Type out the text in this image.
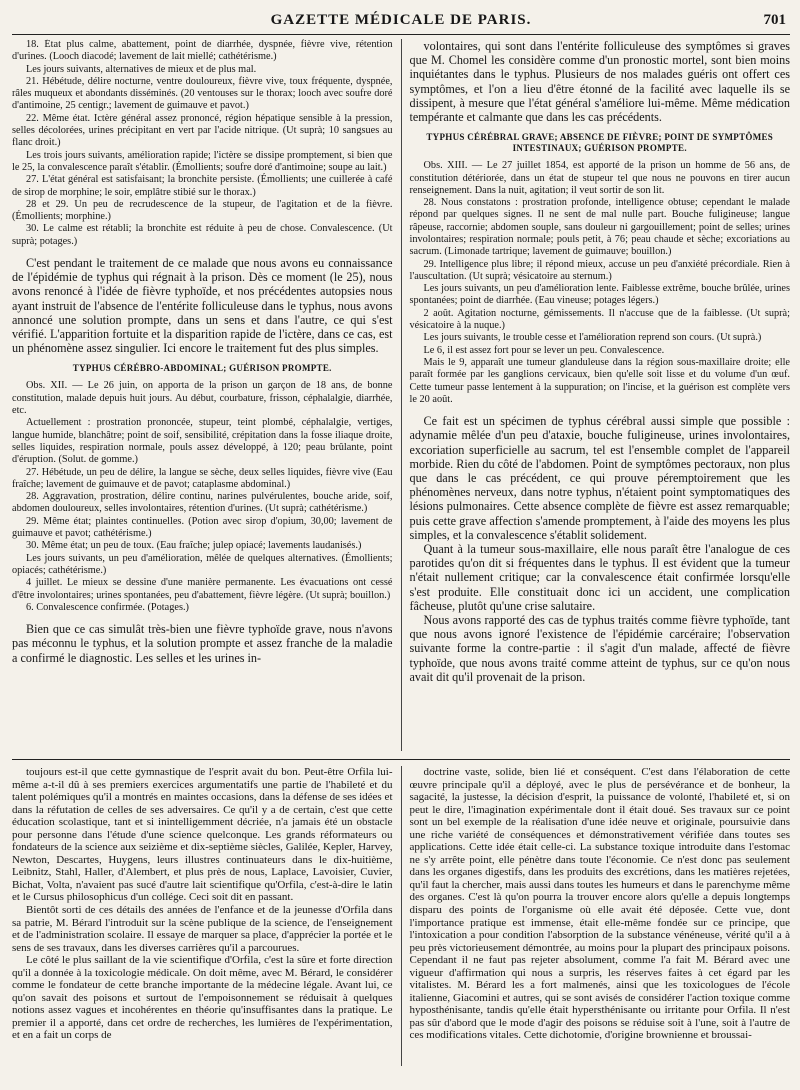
GAZETTE MÉDICALE DE PARIS.	701

18. État plus calme, abattement, point de diarrhée, dyspnée, fièvre vive, rétention d'urines. (Looch diacodé; lavement de lait miellé; cathétérisme.)

Les jours suivants, alternatives de mieux et de plus mal.

21. Hébétude, délire nocturne, ventre douloureux, fièvre vive, toux fréquente, dyspnée, râles muqueux et abondants disséminés. (20 ventouses sur le thorax; looch avec soufre doré d'antimoine, 25 centigr.; lavement de guimauve et pavot.)

22. Même état. Ictère général assez prononcé, région hépatique sensible à la pression, selles décolorées, urines précipitant en vert par l'acide nitrique. (Ut suprà; 10 sangsues au flanc droit.)

Les trois jours suivants, amélioration rapide; l'ictère se dissipe promptement, si bien que le 25, la convalescence paraît s'établir. (Émollients; soufre doré d'antimoine; soupe au lait.)

27. L'état général est satisfaisant; la bronchite persiste. (Émollients; une cuillerée à café de sirop de morphine; le soir, emplâtre stibié sur le thorax.)

28 et 29. Un peu de recrudescence de la stupeur, de l'agitation et de la fièvre. (Émollients; morphine.)

30. Le calme est rétabli; la bronchite est réduite à peu de chose. Convalescence. (Ut suprà; potages.)

C'est pendant le traitement de ce malade que nous avons eu connaissance de l'épidémie de typhus qui régnait à la prison. Dès ce moment (le 25), nous avons renoncé à l'idée de fièvre typhoïde, et nos précédentes autopsies nous ayant instruit de l'absence de l'entérite folliculeuse dans le typhus, nous avons annoncé une solution prompte, dans un sens et dans l'autre, ce qui s'est vérifié. L'apparition fortuite et la disparition rapide de l'ictère, dans ce cas, est un phénomène assez singulier. Ici encore le traitement fut des plus simples.

TYPHUS CÉRÉBRO-ABDOMINAL; GUÉRISON PROMPTE.

Obs. XII. — Le 26 juin, on apporta de la prison un garçon de 18 ans, de bonne constitution, malade depuis huit jours. Au début, courbature, frisson, céphalalgie, diarrhée, etc.

Actuellement : prostration prononcée, stupeur, teint plombé, céphalalgie, vertiges, langue humide, blanchâtre; point de soif, sensibilité, crépitation dans la fosse iliaque droite, selles liquides, respiration normale, pouls assez développé, à 120; peau brûlante, point d'éruption. (Solut. de gomme.)

27. Hébétude, un peu de délire, la langue se sèche, deux selles liquides, fièvre vive (Eau fraîche; lavement de guimauve et de pavot; cataplasme abdominal.)

28. Aggravation, prostration, délire continu, narines pulvérulentes, bouche aride, soif, abdomen douloureux, selles involontaires, rétention d'urines. (Ut suprà; cathétérisme.)

29. Même état; plaintes continuelles. (Potion avec sirop d'opium, 30,00; lavement de guimauve et pavot; cathétérisme.)

30. Même état; un peu de toux. (Eau fraîche; julep opiacé; lavements laudanisés.)

Les jours suivants, un peu d'amélioration, mêlée de quelques alternatives. (Émollients; opiacés; cathétérisme.)

4 juillet. Le mieux se dessine d'une manière permanente. Les évacuations ont cessé d'être involontaires; urines spontanées, peu d'abattement, fièvre légère. (Ut suprà; bouillon.)

6. Convalescence confirmée. (Potages.)

Bien que ce cas simulât très-bien une fièvre typhoïde grave, nous n'avons pas méconnu le typhus, et la solution prompte et assez franche de la maladie a confirmé le diagnostic. Les selles et les urines in-

volontaires, qui sont dans l'entérite folliculeuse des symptômes si graves que M. Chomel les considère comme d'un pronostic mortel, sont bien moins inquiétantes dans le typhus. Plusieurs de nos malades guéris ont offert ces symptômes, et l'on a lieu d'être étonné de la facilité avec laquelle ils se dissipent, à mesure que l'état général s'améliore lui-même. Même médication tempérante et calmante que dans les cas précédents.

TYPHUS CÉRÉBRAL GRAVE; ABSENCE DE FIÈVRE; POINT DE SYMPTÔMES INTESTINAUX; GUÉRISON PROMPTE.

Obs. XIII. — Le 27 juillet 1854, est apporté de la prison un homme de 56 ans, de constitution détériorée, dans un état de stupeur tel que nous ne pouvons en tirer aucun renseignement. Dans la nuit, agitation; il veut sortir de son lit.

28. Nous constatons : prostration profonde, intelligence obtuse; cependant le malade répond par quelques signes. Il ne sent de mal nulle part. Bouche fuligineuse; langue râpeuse, raccornie; abdomen souple, sans douleur ni gargouillement; point de selles; urines involontaires; respiration normale; pouls petit, à 76; peau chaude et sèche; excoriations au sacrum. (Limonade tartrique; lavement de guimauve; bouillon.)

29. Intelligence plus libre; il répond mieux, accuse un peu d'anxiété précordiale. Rien à l'auscultation. (Ut suprà; vésicatoire au sternum.)

Les jours suivants, un peu d'amélioration lente. Faiblesse extrême, bouche brûlée, urines spontanées; point de diarrhée. (Eau vineuse; potages légers.)

2 août. Agitation nocturne, gémissements. Il n'accuse que de la faiblesse. (Ut suprà; vésicatoire à la nuque.)

Les jours suivants, le trouble cesse et l'amélioration reprend son cours. (Ut suprà.)

Le 6, il est assez fort pour se lever un peu. Convalescence.

Mais le 9, apparaît une tumeur glanduleuse dans la région sous-maxillaire droite; elle paraît formée par les ganglions cervicaux, bien qu'elle soit lisse et du volume d'un œuf. Cette tumeur passe lentement à la suppuration; on l'incise, et la guérison est complète vers le 20 août.

Ce fait est un spécimen de typhus cérébral aussi simple que possible : adynamie mêlée d'un peu d'ataxie, bouche fuligineuse, urines involontaires, excoriation superficielle au sacrum, tel est l'ensemble complet de l'appareil morbide. Rien du côté de l'abdomen. Point de symptômes pectoraux, non plus que dans le cas précédent, ce qui prouve péremptoirement que les phénomènes nerveux, dans notre typhus, n'étaient point symptomatiques des lésions pulmonaires. Cette absence complète de fièvre est assez remarquable; puis cette grave affection s'amende promptement, à l'aide des moyens les plus simples, et la convalescence s'établit solidement.

Quant à la tumeur sous-maxillaire, elle nous paraît être l'analogue de ces parotides qu'on dit si fréquentes dans le typhus. Il est évident que la tumeur n'était nullement critique; car la convalescence était confirmée lorsqu'elle s'est produite. Elle constituait donc ici un accident, une complication fâcheuse, plutôt qu'une crise salutaire.

Nous avons rapporté des cas de typhus traités comme fièvre typhoïde, tant que nous avons ignoré l'existence de l'épidémie carcéraire; l'observation suivante forme la contre-partie : il s'agit d'un malade, affecté de fièvre typhoïde, que nous avons traité comme atteint de typhus, sur ce qu'on nous avait dit qu'il provenait de la prison.

toujours est-il que cette gymnastique de l'esprit avait du bon. Peut-être Orfila lui-même a-t-il dû à ses premiers exercices argumentatifs une partie de l'habileté et du talent polémiques qu'il a montrés en maintes occasions, dans la défense de ses idées et dans la réfutation de celles de ses adversaires. Ce qu'il y a de certain, c'est que cette éducation scolastique, tant et si inintelligemment décriée, n'a jamais été un obstacle pour personne dans l'étude d'une science quelconque. Les grands réformateurs ou fondateurs de la science aux seizième et dix-septième siècles, Galilée, Kepler, Harvey, Newton, Descartes, Huygens, leurs illustres continuateurs dans le dix-huitième, Leibnitz, Stahl, Haller, d'Alembert, et plus près de nous, Laplace, Lavoisier, Cuvier, Bichat, Volta, n'avaient pas sucé d'autre lait scientifique qu'Orfila, c'est-à-dire le latin et le Cursus philosophicus d'un collége. Ceci soit dit en passant.

Bientôt sorti de ces détails des années de l'enfance et de la jeunesse d'Orfila dans sa patrie, M. Bérard l'introduit sur la scène publique de la science, de l'enseignement et de l'administration scolaire. Il essaye de marquer sa place, d'apprécier la portée et le sens de ses travaux, dans les diverses carrières qu'il a parcourues.

Le côté le plus saillant de la vie scientifique d'Orfila, c'est la sûre et forte direction qu'il a donnée à la toxicologie médicale. On doit même, avec M. Bérard, le considérer comme le fondateur de cette branche importante de la médecine légale. Avant lui, ce qu'on savait des poisons et surtout de l'empoisonnement se réduisait à quelques notions assez vagues et incohérentes en théorie qu'insuffisantes dans la pratique. Le premier il a apporté, dans cet ordre de recherches, les lumières de l'expérimentation, et en a fait un corps de

doctrine vaste, solide, bien lié et conséquent. C'est dans l'élaboration de cette œuvre principale qu'il a déployé, avec le plus de persévérance et de bonheur, la sagacité, la justesse, la décision d'esprit, la puissance de volonté, l'habileté et, si on peut le dire, l'imagination expérimentale dont il était doué. Ses travaux sur ce point sont un bel exemple de la réalisation d'une idée neuve et originale, poursuivie dans une riche variété de conséquences et démonstrativement vérifiée dans toutes ses applications. Cette idée était celle-ci. La substance toxique introduite dans l'estomac ne s'y arrête point, elle pénètre dans toute l'économie. Ce n'est donc pas seulement dans les organes digestifs, dans les produits des excrétions, dans les matières rejetées, qu'il faut la chercher, mais aussi dans toutes les humeurs et dans le parenchyme même des organes. C'est là qu'on pourra la trouver encore alors qu'elle a depuis longtemps disparu des points de l'organisme où elle avait été déposée. Cette vue, dont l'importance pratique est immense, était elle-même fondée sur ce principe, que l'intoxication a pour condition l'absorption de la substance vénéneuse, vérité qu'il a à peu près victorieusement démontrée, au moins pour la plupart des principaux poisons. Cependant il ne faut pas rejeter absolument, comme l'a fait M. Bérard avec une vigueur d'affirmation qui nous a surpris, les réserves faites à cet égard par les vitalistes. M. Bérard les a fort malmenés, ainsi que les toxicologues de l'école italienne, Giacomini et autres, qui se sont avisés de considérer l'action toxique comme hyposthénisante, tandis qu'elle était hypersthénisante ou irritante pour Orfila. Il n'est pas sûr d'abord que le mode d'agir des poisons se réduise soit à l'une, soit à l'autre de ces modifications vitales. Cette dichotomie, d'origine brownienne et broussai-
